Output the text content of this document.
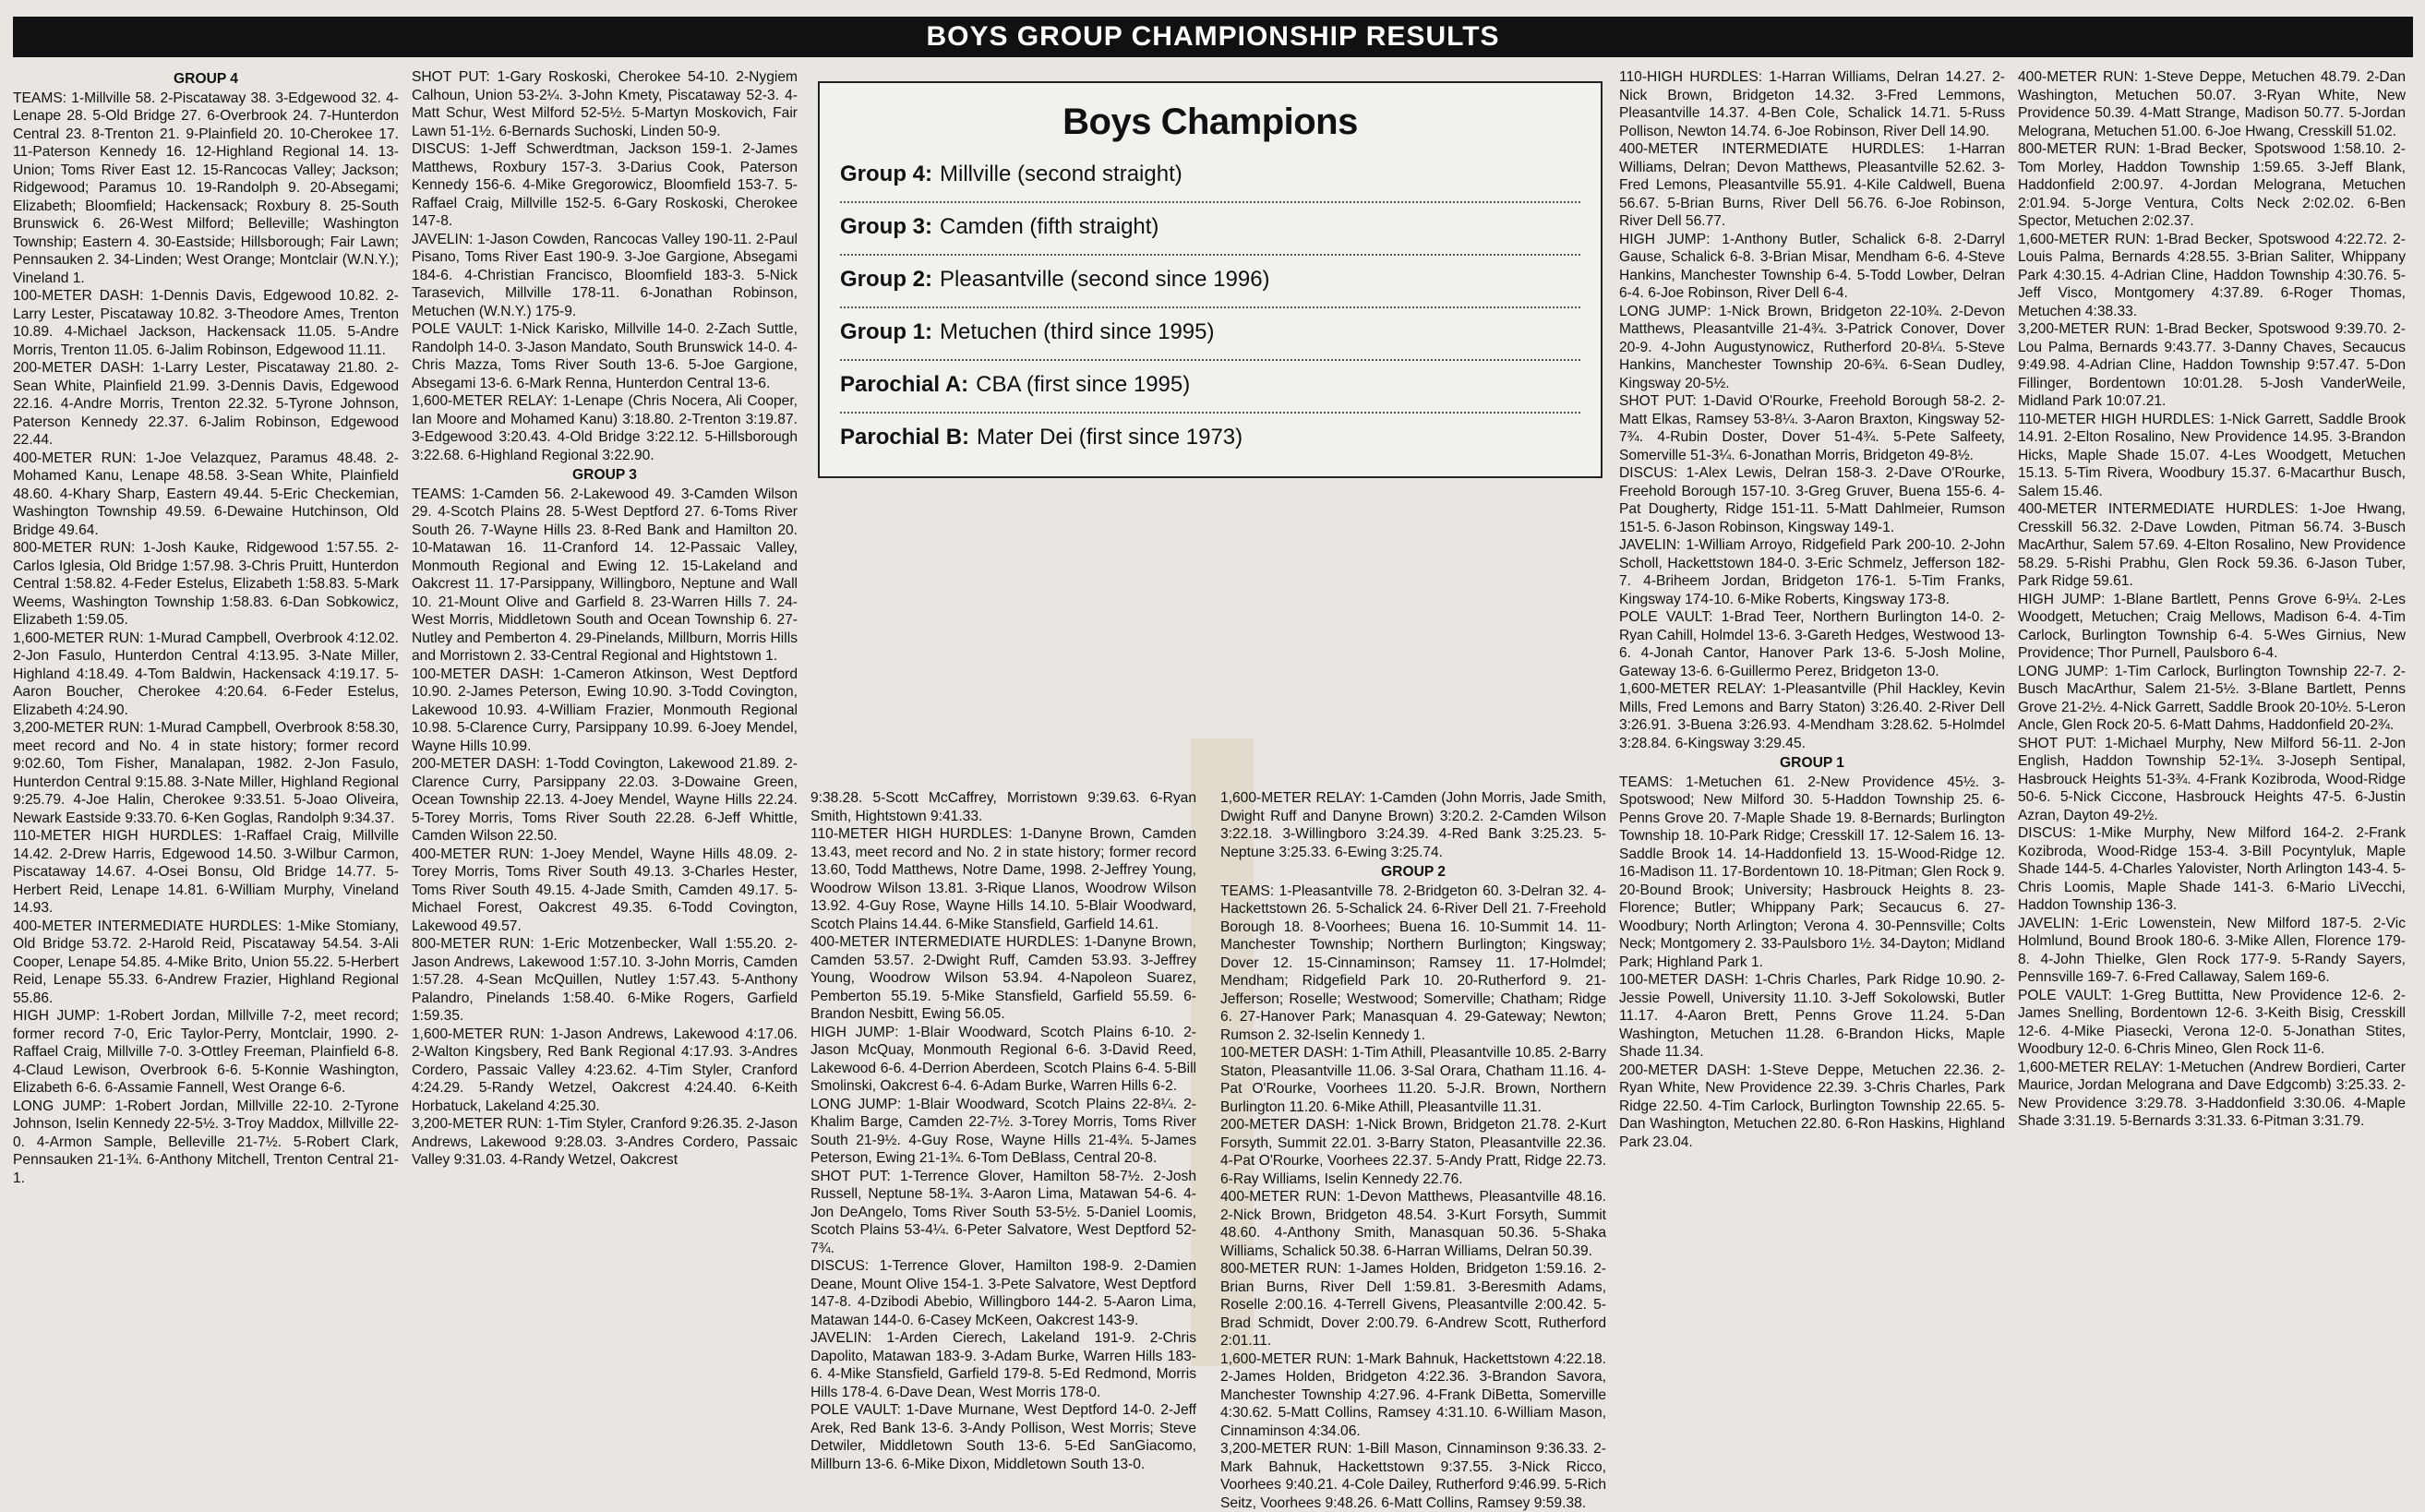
BOYS GROUP CHAMPIONSHIP RESULTS
GROUP 4

TEAMS: 1-Millville 58. 2-Piscataway 38. 3-Edgewood 32. 4-Lenape 28. 5-Old Bridge 27. 6-Overbrook 24. 7-Hunterdon Central 23. 8-Trenton 21. 9-Plainfield 20. 10-Cherokee 17. 11-Paterson Kennedy 16. 12-Highland Regional 14. 13-Union; Toms River East 12. 15-Rancocas Valley; Jackson; Ridgewood; Paramus 10. 19-Randolph 9. 20-Absegami; Elizabeth; Bloomfield; Hackensack; Roxbury 8. 25-South Brunswick 6. 26-West Milford; Belleville; Washington Township; Eastern 4. 30-Eastside; Hillsborough; Fair Lawn; Pennsauken 2. 34-Linden; West Orange; Montclair (W.N.Y.); Vineland 1.

100-METER DASH: 1-Dennis Davis, Edgewood 10.82. 2-Larry Lester, Piscataway 10.82. 3-Theodore Ames, Trenton 10.89. 4-Michael Jackson, Hackensack 11.05. 5-Andre Morris, Trenton 11.05. 6-Jalim Robinson, Edgewood 11.11.

200-METER DASH: 1-Larry Lester, Piscataway 21.80. 2-Sean White, Plainfield 21.99. 3-Dennis Davis, Edgewood 22.16. 4-Andre Morris, Trenton 22.32. 5-Tyrone Johnson, Paterson Kennedy 22.37. 6-Jalim Robinson, Edgewood 22.44.

400-METER RUN: 1-Joe Velazquez, Paramus 48.48. 2-Mohamed Kanu, Lenape 48.58. 3-Sean White, Plainfield 48.60. 4-Khary Sharp, Eastern 49.44. 5-Eric Checkemian, Washington Township 49.59. 6-Dewaine Hutchinson, Old Bridge 49.64.

800-METER RUN: 1-Josh Kauke, Ridgewood 1:57.55. 2-Carlos Iglesia, Old Bridge 1:57.98. 3-Chris Pruitt, Hunterdon Central 1:58.82. 4-Feder Estelus, Elizabeth 1:58.83. 5-Mark Weems, Washington Township 1:58.83. 6-Dan Sobkowicz, Elizabeth 1:59.05.

1,600-METER RUN: 1-Murad Campbell, Overbrook 4:12.02. 2-Jon Fasulo, Hunterdon Central 4:13.95. 3-Nate Miller, Highland 4:18.49. 4-Tom Baldwin, Hackensack 4:19.17. 5-Aaron Boucher, Cherokee 4:20.64. 6-Feder Estelus, Elizabeth 4:24.90.

3,200-METER RUN: 1-Murad Campbell, Overbrook 8:58.30, meet record and No. 4 in state history; former record 9:02.60, Tom Fisher, Manalapan, 1982. 2-Jon Fasulo, Hunterdon Central 9:15.88. 3-Nate Miller, Highland Regional 9:25.79. 4-Joe Halin, Cherokee 9:33.51. 5-Joao Oliveira, Newark Eastside 9:33.70. 6-Ken Goglas, Randolph 9:34.37.

110-METER HIGH HURDLES: 1-Raffael Craig, Millville 14.42. 2-Drew Harris, Edgewood 14.50. 3-Wilbur Carmon, Piscataway 14.67. 4-Osei Bonsu, Old Bridge 14.77. 5-Herbert Reid, Lenape 14.81. 6-William Murphy, Vineland 14.93.

400-METER INTERMEDIATE HURDLES: 1-Mike Stomiany, Old Bridge 53.72. 2-Harold Reid, Piscataway 54.54. 3-Ali Cooper, Lenape 54.85. 4-Mike Brito, Union 55.22. 5-Herbert Reid, Lenape 55.33. 6-Andrew Frazier, Highland Regional 55.86.

HIGH JUMP: 1-Robert Jordan, Millville 7-2, meet record; former record 7-0, Eric Taylor-Perry, Montclair, 1990. 2-Raffael Craig, Millville 7-0. 3-Ottley Freeman, Plainfield 6-8. 4-Claud Lewison, Overbrook 6-6. 5-Konnie Washington, Elizabeth 6-6. 6-Assamie Fannell, West Orange 6-6.

LONG JUMP: 1-Robert Jordan, Millville 22-10. 2-Tyrone Johnson, Iselin Kennedy 22-5½. 3-Troy Maddox, Millville 22-0. 4-Armon Sample, Belleville 21-7½. 5-Robert Clark, Pennsauken 21-1¾. 6-Anthony Mitchell, Trenton Central 21-1.

SHOT PUT: 1-Gary Roskoski, Cherokee 54-10. 2-Nygiem Calhoun, Union 53-2¼. 3-John Kmety, Piscataway 52-3. 4-Matt Schur, West Milford 52-5½. 5-Martyn Moskovich, Fair Lawn 51-1½. 6-Bernards Suchoski, Linden 50-9.

DISCUS: 1-Jeff Schwerdtman, Jackson 159-1. 2-James Matthews, Roxbury 157-3. 3-Darius Cook, Paterson Kennedy 156-6. 4-Mike Gregorowicz, Bloomfield 153-7. 5-Raffael Craig, Millville 152-5. 6-Gary Roskoski, Cherokee 147-8.

JAVELIN: 1-Jason Cowden, Rancocas Valley 190-11. 2-Paul Pisano, Toms River East 190-9. 3-Joe Gargione, Absegami 184-6. 4-Christian Francisco, Bloomfield 183-3. 5-Nick Tarasevich, Millville 178-11. 6-Jonathan Robinson, Metuchen (W.N.Y.) 175-9.

POLE VAULT: 1-Nick Karisko, Millville 14-0. 2-Zach Suttle, Randolph 14-0. 3-Jason Mandato, South Brunswick 14-0. 4-Chris Mazza, Toms River South 13-6. 5-Joe Gargione, Absegami 13-6. 6-Mark Renna, Hunterdon Central 13-6.

1,600-METER RELAY: 1-Lenape (Chris Nocera, Ali Cooper, Ian Moore and Mohamed Kanu) 3:18.80. 2-Trenton 3:19.87. 3-Edgewood 3:20.43. 4-Old Bridge 3:22.12. 5-Hillsborough 3:22.68. 6-Highland Regional 3:22.90.

GROUP 3

TEAMS: 1-Camden 56. 2-Lakewood 49. 3-Camden Wilson 29. 4-Scotch Plains 28. 5-West Deptford 27. 6-Toms River South 26. 7-Wayne Hills 23. 8-Red Bank and Hamilton 20. 10-Matawan 16. 11-Cranford 14. 12-Passaic Valley, Monmouth Regional and Ewing 12. 15-Lakeland and Oakcrest 11. 17-Parsippany, Willingboro, Neptune and Wall 10. 21-Mount Olive and Garfield 8. 23-Warren Hills 7. 24-West Morris, Middletown South and Ocean Township 6. 27-Nutley and Pemberton 4. 29-Pinelands, Millburn, Morris Hills and Morristown 2. 33-Central Regional and Hightstown 1.

100-METER DASH: 1-Cameron Atkinson, West Deptford 10.90. 2-James Peterson, Ewing 10.90. 3-Todd Covington, Lakewood 10.93. 4-William Frazier, Monmouth Regional 10.98. 5-Clarence Curry, Parsippany 10.99. 6-Joey Mendel, Wayne Hills 10.99.

200-METER DASH: 1-Todd Covington, Lakewood 21.89. 2-Clarence Curry, Parsippany 22.03. 3-Dowaine Green, Ocean Township 22.13. 4-Joey Mendel, Wayne Hills 22.24. 5-Torey Morris, Toms River South 22.28. 6-Jeff Whittle, Camden Wilson 22.50.

400-METER RUN: 1-Joey Mendel, Wayne Hills 48.09. 2-Torey Morris, Toms River South 49.13. 3-Charles Hester, Toms River South 49.15. 4-Jade Smith, Camden 49.17. 5-Michael Forest, Oakcrest 49.35. 6-Todd Covington, Lakewood 49.57.

800-METER RUN: 1-Eric Motzenbecker, Wall 1:55.20. 2-Jason Andrews, Lakewood 1:57.10. 3-John Morris, Camden 1:57.28. 4-Sean McQuillen, Nutley 1:57.43. 5-Anthony Palandro, Pinelands 1:58.40. 6-Mike Rogers, Garfield 1:59.35.

1,600-METER RUN: 1-Jason Andrews, Lakewood 4:17.06. 2-Walton Kingsbery, Red Bank Regional 4:17.93. 3-Andres Cordero, Passaic Valley 4:23.62. 4-Tim Styler, Cranford 4:24.29. 5-Randy Wetzel, Oakcrest 4:24.40. 6-Keith Horbatuck, Lakeland 4:25.30.

3,200-METER RUN: 1-Tim Styler, Cranford 9:26.35. 2-Jason Andrews, Lakewood 9:28.03. 3-Andres Cordero, Passaic Valley 9:31.03. 4-Randy Wetzel, Oakcrest

Boys Champions
Group 4: Millville (second straight)
Group 3: Camden (fifth straight)
Group 2: Pleasantville (second since 1996)
Group 1: Metuchen (third since 1995)
Parochial A: CBA (first since 1995)
Parochial B: Mater Dei (first since 1973)

9:38.28. 5-Scott McCaffrey, Morristown 9:39.63. 6-Ryan Smith, Hightstown 9:41.33.

110-METER HIGH HURDLES: 1-Danyne Brown, Camden 13.43, meet record and No. 2 in state history; former record 13.60, Todd Matthews, Notre Dame, 1998. 2-Jeffrey Young, Woodrow Wilson 13.81. 3-Rique Llanos, Woodrow Wilson 13.92. 4-Guy Rose, Wayne Hills 14.10. 5-Blair Woodward, Scotch Plains 14.44. 6-Mike Stansfield, Garfield 14.61.

400-METER INTERMEDIATE HURDLES: 1-Danyne Brown, Camden 53.57. 2-Dwight Ruff, Camden 53.93. 3-Jeffrey Young, Woodrow Wilson 53.94. 4-Napoleon Suarez, Pemberton 55.19. 5-Mike Stansfield, Garfield 55.59. 6-Brandon Nesbitt, Ewing 56.05.

HIGH JUMP: 1-Blair Woodward, Scotch Plains 6-10. 2-Jason McQuay, Monmouth Regional 6-6. 3-David Reed, Lakewood 6-6. 4-Derrion Aberdeen, Scotch Plains 6-4. 5-Bill Smolinski, Oakcrest 6-4. 6-Adam Burke, Warren Hills 6-2.

LONG JUMP: 1-Blair Woodward, Scotch Plains 22-8¼. 2-Khalim Barge, Camden 22-7½. 3-Torey Morris, Toms River South 21-9½. 4-Guy Rose, Wayne Hills 21-4¾. 5-James Peterson, Ewing 21-1¾. 6-Tom DeBlass, Central 20-8.

SHOT PUT: 1-Terrence Glover, Hamilton 58-7½. 2-Josh Russell, Neptune 58-1¾. 3-Aaron Lima, Matawan 54-6. 4-Jon DeAngelo, Toms River South 53-5½. 5-Daniel Loomis, Scotch Plains 53-4¼. 6-Peter Salvatore, West Deptford 52-7¾.

DISCUS: 1-Terrence Glover, Hamilton 198-9. 2-Damien Deane, Mount Olive 154-1. 3-Pete Salvatore, West Deptford 147-8. 4-Dzibodi Abebio, Willingboro 144-2. 5-Aaron Lima, Matawan 144-0. 6-Casey McKeen, Oakcrest 143-9.

JAVELIN: 1-Arden Cierech, Lakeland 191-9. 2-Chris Dapolito, Matawan 183-9. 3-Adam Burke, Warren Hills 183-6. 4-Mike Stansfield, Garfield 179-8. 5-Ed Redmond, Morris Hills 178-4. 6-Dave Dean, West Morris 178-0.

POLE VAULT: 1-Dave Murnane, West Deptford 14-0. 2-Jeff Arek, Red Bank 13-6. 3-Andy Pollison, West Morris; Steve Detwiler, Middletown South 13-6. 5-Ed SanGiacomo, Millburn 13-6. 6-Mike Dixon, Middletown South 13-0.

1,600-METER RELAY: 1-Camden (John Morris, Jade Smith, Dwight Ruff and Danyne Brown) 3:20.2. 2-Camden Wilson 3:22.18. 3-Willingboro 3:24.39. 4-Red Bank 3:25.23. 5-Neptune 3:25.33. 6-Ewing 3:25.74.

GROUP 2

TEAMS: 1-Pleasantville 78. 2-Bridgeton 60. 3-Delran 32. 4-Hackettstown 26. 5-Schalick 24. 6-River Dell 21. 7-Freehold Borough 18. 8-Voorhees; Buena 16. 10-Summit 14. 11-Manchester Township; Northern Burlington; Kingsway; Dover 12. 15-Cinnaminson; Ramsey 11. 17-Holmdel; Mendham; Ridgefield Park 10. 20-Rutherford 9. 21-Jefferson; Roselle; Westwood; Somerville; Chatham; Ridge 6. 27-Hanover Park; Manasquan 4. 29-Gateway; Newton; Rumson 2. 32-Iselin Kennedy 1.

100-METER DASH: 1-Tim Athill, Pleasantville 10.85. 2-Barry Staton, Pleasantville 11.06. 3-Sal Orara, Chatham 11.16. 4-Pat O'Rourke, Voorhees 11.20. 5-J.R. Brown, Northern Burlington 11.20. 6-Mike Athill, Pleasantville 11.31.

200-METER DASH: 1-Nick Brown, Bridgeton 21.78. 2-Kurt Forsyth, Summit 22.01. 3-Barry Staton, Pleasantville 22.36. 4-Pat O'Rourke, Voorhees 22.37. 5-Andy Pratt, Ridge 22.73. 6-Ray Williams, Iselin Kennedy 22.76.

400-METER RUN: 1-Devon Matthews, Pleasantville 48.16. 2-Nick Brown, Bridgeton 48.54. 3-Kurt Forsyth, Summit 48.60. 4-Anthony Smith, Manasquan 50.36. 5-Shaka Williams, Schalick 50.38. 6-Harran Williams, Delran 50.39.

800-METER RUN: 1-James Holden, Bridgeton 1:59.16. 2-Brian Burns, River Dell 1:59.81. 3-Beresmith Adams, Roselle 2:00.16. 4-Terrell Givens, Pleasantville 2:00.42. 5-Brad Schmidt, Dover 2:00.79. 6-Andrew Scott, Rutherford 2:01.11.

1,600-METER RUN: 1-Mark Bahnuk, Hackettstown 4:22.18. 2-James Holden, Bridgeton 4:22.36. 3-Brandon Savora, Manchester Township 4:27.96. 4-Frank DiBetta, Somerville 4:30.62. 5-Matt Collins, Ramsey 4:31.10. 6-William Mason, Cinnaminson 4:34.06.

3,200-METER RUN: 1-Bill Mason, Cinnaminson 9:36.33. 2-Mark Bahnuk, Hackettstown 9:37.55. 3-Nick Ricco, Voorhees 9:40.21. 4-Cole Dailey, Rutherford 9:46.99. 5-Rich Seitz, Voorhees 9:48.26. 6-Matt Collins, Ramsey 9:59.38.

110-HIGH HURDLES: 1-Harran Williams, Delran 14.27. 2-Nick Brown, Bridgeton 14.32. 3-Fred Lemmons, Pleasantville 14.37. 4-Ben Cole, Schalick 14.71. 5-Russ Pollison, Newton 14.74. 6-Joe Robinson, River Dell 14.90.

400-METER INTERMEDIATE HURDLES: 1-Harran Williams, Delran; Devon Matthews, Pleasantville 52.62. 3-Fred Lemons, Pleasantville 55.91. 4-Kile Caldwell, Buena 56.67. 5-Brian Burns, River Dell 56.76. 6-Joe Robinson, River Dell 56.77.

HIGH JUMP: 1-Anthony Butler, Schalick 6-8. 2-Darryl Gause, Schalick 6-8. 3-Brian Misar, Mendham 6-6. 4-Steve Hankins, Manchester Township 6-4. 5-Todd Lowber, Delran 6-4. 6-Joe Robinson, River Dell 6-4.

LONG JUMP: 1-Nick Brown, Bridgeton 22-10¾. 2-Devon Matthews, Pleasantville 21-4¾. 3-Patrick Conover, Dover 20-9. 4-John Augustynowicz, Rutherford 20-8¼. 5-Steve Hankins, Manchester Township 20-6¾. 6-Sean Dudley, Kingsway 20-5½.

SHOT PUT: 1-David O'Rourke, Freehold Borough 58-2. 2-Matt Elkas, Ramsey 53-8¼. 3-Aaron Braxton, Kingsway 52-7¾. 4-Rubin Doster, Dover 51-4¾. 5-Pete Salfeety, Somerville 51-3¼. 6-Jonathan Morris, Bridgeton 49-8½.

DISCUS: 1-Alex Lewis, Delran 158-3. 2-Dave O'Rourke, Freehold Borough 157-10. 3-Greg Gruver, Buena 155-6. 4-Pat Dougherty, Ridge 151-11. 5-Matt Dahlmeier, Rumson 151-5. 6-Jason Robinson, Kingsway 149-1.

JAVELIN: 1-William Arroyo, Ridgefield Park 200-10. 2-John Scholl, Hackettstown 184-0. 3-Eric Schmelz, Jefferson 182-7. 4-Briheem Jordan, Bridgeton 176-1. 5-Tim Franks, Kingsway 174-10. 6-Mike Roberts, Kingsway 173-8.

POLE VAULT: 1-Brad Teer, Northern Burlington 14-0. 2-Ryan Cahill, Holmdel 13-6. 3-Gareth Hedges, Westwood 13-6. 4-Jonah Cantor, Hanover Park 13-6. 5-Josh Moline, Gateway 13-6. 6-Guillermo Perez, Bridgeton 13-0.

1,600-METER RELAY: 1-Pleasantville (Phil Hackley, Kevin Mills, Fred Lemons and Barry Staton) 3:26.40. 2-River Dell 3:26.91. 3-Buena 3:26.93. 4-Mendham 3:28.62. 5-Holmdel 3:28.84. 6-Kingsway 3:29.45.

GROUP 1

TEAMS: 1-Metuchen 61. 2-New Providence 45½. 3-Spotswood; New Milford 30. 5-Haddon Township 25. 6-Penns Grove 20. 7-Maple Shade 19. 8-Bernards; Burlington Township 18. 10-Park Ridge; Cresskill 17. 12-Salem 16. 13-Saddle Brook 14. 14-Haddonfield 13. 15-Wood-Ridge 12. 16-Madison 11. 17-Bordentown 10. 18-Pitman; Glen Rock 9. 20-Bound Brook; University; Hasbrouck Heights 8. 23-Florence; Butler; Whippany Park; Secaucus 6. 27-Woodbury; North Arlington; Verona 4. 30-Pennsville; Colts Neck; Montgomery 2. 33-Paulsboro 1½. 34-Dayton; Midland Park; Highland Park 1.

100-METER DASH: 1-Chris Charles, Park Ridge 10.90. 2-Jessie Powell, University 11.10. 3-Jeff Sokolowski, Butler 11.17. 4-Aaron Brett, Penns Grove 11.24. 5-Dan Washington, Metuchen 11.28. 6-Brandon Hicks, Maple Shade 11.34.

200-METER DASH: 1-Steve Deppe, Metuchen 22.36. 2-Ryan White, New Providence 22.39. 3-Chris Charles, Park Ridge 22.50. 4-Tim Carlock, Burlington Township 22.65. 5-Dan Washington, Metuchen 22.80. 6-Ron Haskins, Highland Park 23.04.

400-METER RUN: 1-Steve Deppe, Metuchen 48.79. 2-Dan Washington, Metuchen 50.07. 3-Ryan White, New Providence 50.39. 4-Matt Strange, Madison 50.77. 5-Jordan Melograna, Metuchen 51.00. 6-Joe Hwang, Cresskill 51.02.

800-METER RUN: 1-Brad Becker, Spotswood 1:58.10. 2-Tom Morley, Haddon Township 1:59.65. 3-Jeff Blank, Haddonfield 2:00.97. 4-Jordan Melograna, Metuchen 2:01.94. 5-Jorge Ventura, Colts Neck 2:02.02. 6-Ben Spector, Metuchen 2:02.37.

1,600-METER RUN: 1-Brad Becker, Spotswood 4:22.72. 2-Louis Palma, Bernards 4:28.55. 3-Brian Saliter, Whippany Park 4:30.15. 4-Adrian Cline, Haddon Township 4:30.76. 5-Jeff Visco, Montgomery 4:37.89. 6-Roger Thomas, Metuchen 4:38.33.

3,200-METER RUN: 1-Brad Becker, Spotswood 9:39.70. 2-Lou Palma, Bernards 9:43.77. 3-Danny Chaves, Secaucus 9:49.98. 4-Adrian Cline, Haddon Township 9:57.47. 5-Don Fillinger, Bordentown 10:01.28. 5-Josh VanderWeile, Midland Park 10:07.21.

110-METER HIGH HURDLES: 1-Nick Garrett, Saddle Brook 14.91. 2-Elton Rosalino, New Providence 14.95. 3-Brandon Hicks, Maple Shade 15.07. 4-Les Woodgett, Metuchen 15.13. 5-Tim Rivera, Woodbury 15.37. 6-Macarthur Busch, Salem 15.46.

400-METER INTERMEDIATE HURDLES: 1-Joe Hwang, Cresskill 56.32. 2-Dave Lowden, Pitman 56.74. 3-Busch MacArthur, Salem 57.69. 4-Elton Rosalino, New Providence 58.29. 5-Rishi Prabhu, Glen Rock 59.36. 6-Jason Tuber, Park Ridge 59.61.

HIGH JUMP: 1-Blane Bartlett, Penns Grove 6-9¼. 2-Les Woodgett, Metuchen; Craig Mellows, Madison 6-4. 4-Tim Carlock, Burlington Township 6-4. 5-Wes Girnius, New Providence; Thor Purnell, Paulsboro 6-4.

LONG JUMP: 1-Tim Carlock, Burlington Township 22-7. 2-Busch MacArthur, Salem 21-5½. 3-Blane Bartlett, Penns Grove 21-2½. 4-Nick Garrett, Saddle Brook 20-10½. 5-Leron Ancle, Glen Rock 20-5. 6-Matt Dahms, Haddonfield 20-2¾.

SHOT PUT: 1-Michael Murphy, New Milford 56-11. 2-Jon English, Haddon Township 52-1¾. 3-Joseph Sentipal, Hasbrouck Heights 51-3¾. 4-Frank Kozibroda, Wood-Ridge 50-6. 5-Nick Ciccone, Hasbrouck Heights 47-5. 6-Justin Azran, Dayton 49-2½.

DISCUS: 1-Mike Murphy, New Milford 164-2. 2-Frank Kozibroda, Wood-Ridge 153-4. 3-Bill Pocyntyluk, Maple Shade 144-5. 4-Charles Yalovister, North Arlington 143-4. 5-Chris Loomis, Maple Shade 141-3. 6-Mario LiVecchi, Haddon Township 136-3.

JAVELIN: 1-Eric Lowenstein, New Milford 187-5. 2-Vic Holmlund, Bound Brook 180-6. 3-Mike Allen, Florence 179-8. 4-John Thielke, Glen Rock 177-9. 5-Randy Sayers, Pennsville 169-7. 6-Fred Callaway, Salem 169-6.

POLE VAULT: 1-Greg Buttitta, New Providence 12-6. 2-James Snelling, Bordentown 12-6. 3-Keith Bisig, Cresskill 12-6. 4-Mike Piasecki, Verona 12-0. 5-Jonathan Stites, Woodbury 12-0. 6-Chris Mineo, Glen Rock 11-6.

1,600-METER RELAY: 1-Metuchen (Andrew Bordieri, Carter Maurice, Jordan Melograna and Dave Edgcomb) 3:25.33. 2-New Providence 3:29.78. 3-Haddonfield 3:30.06. 4-Maple Shade 3:31.19. 5-Bernards 3:31.33. 6-Pitman 3:31.79.
